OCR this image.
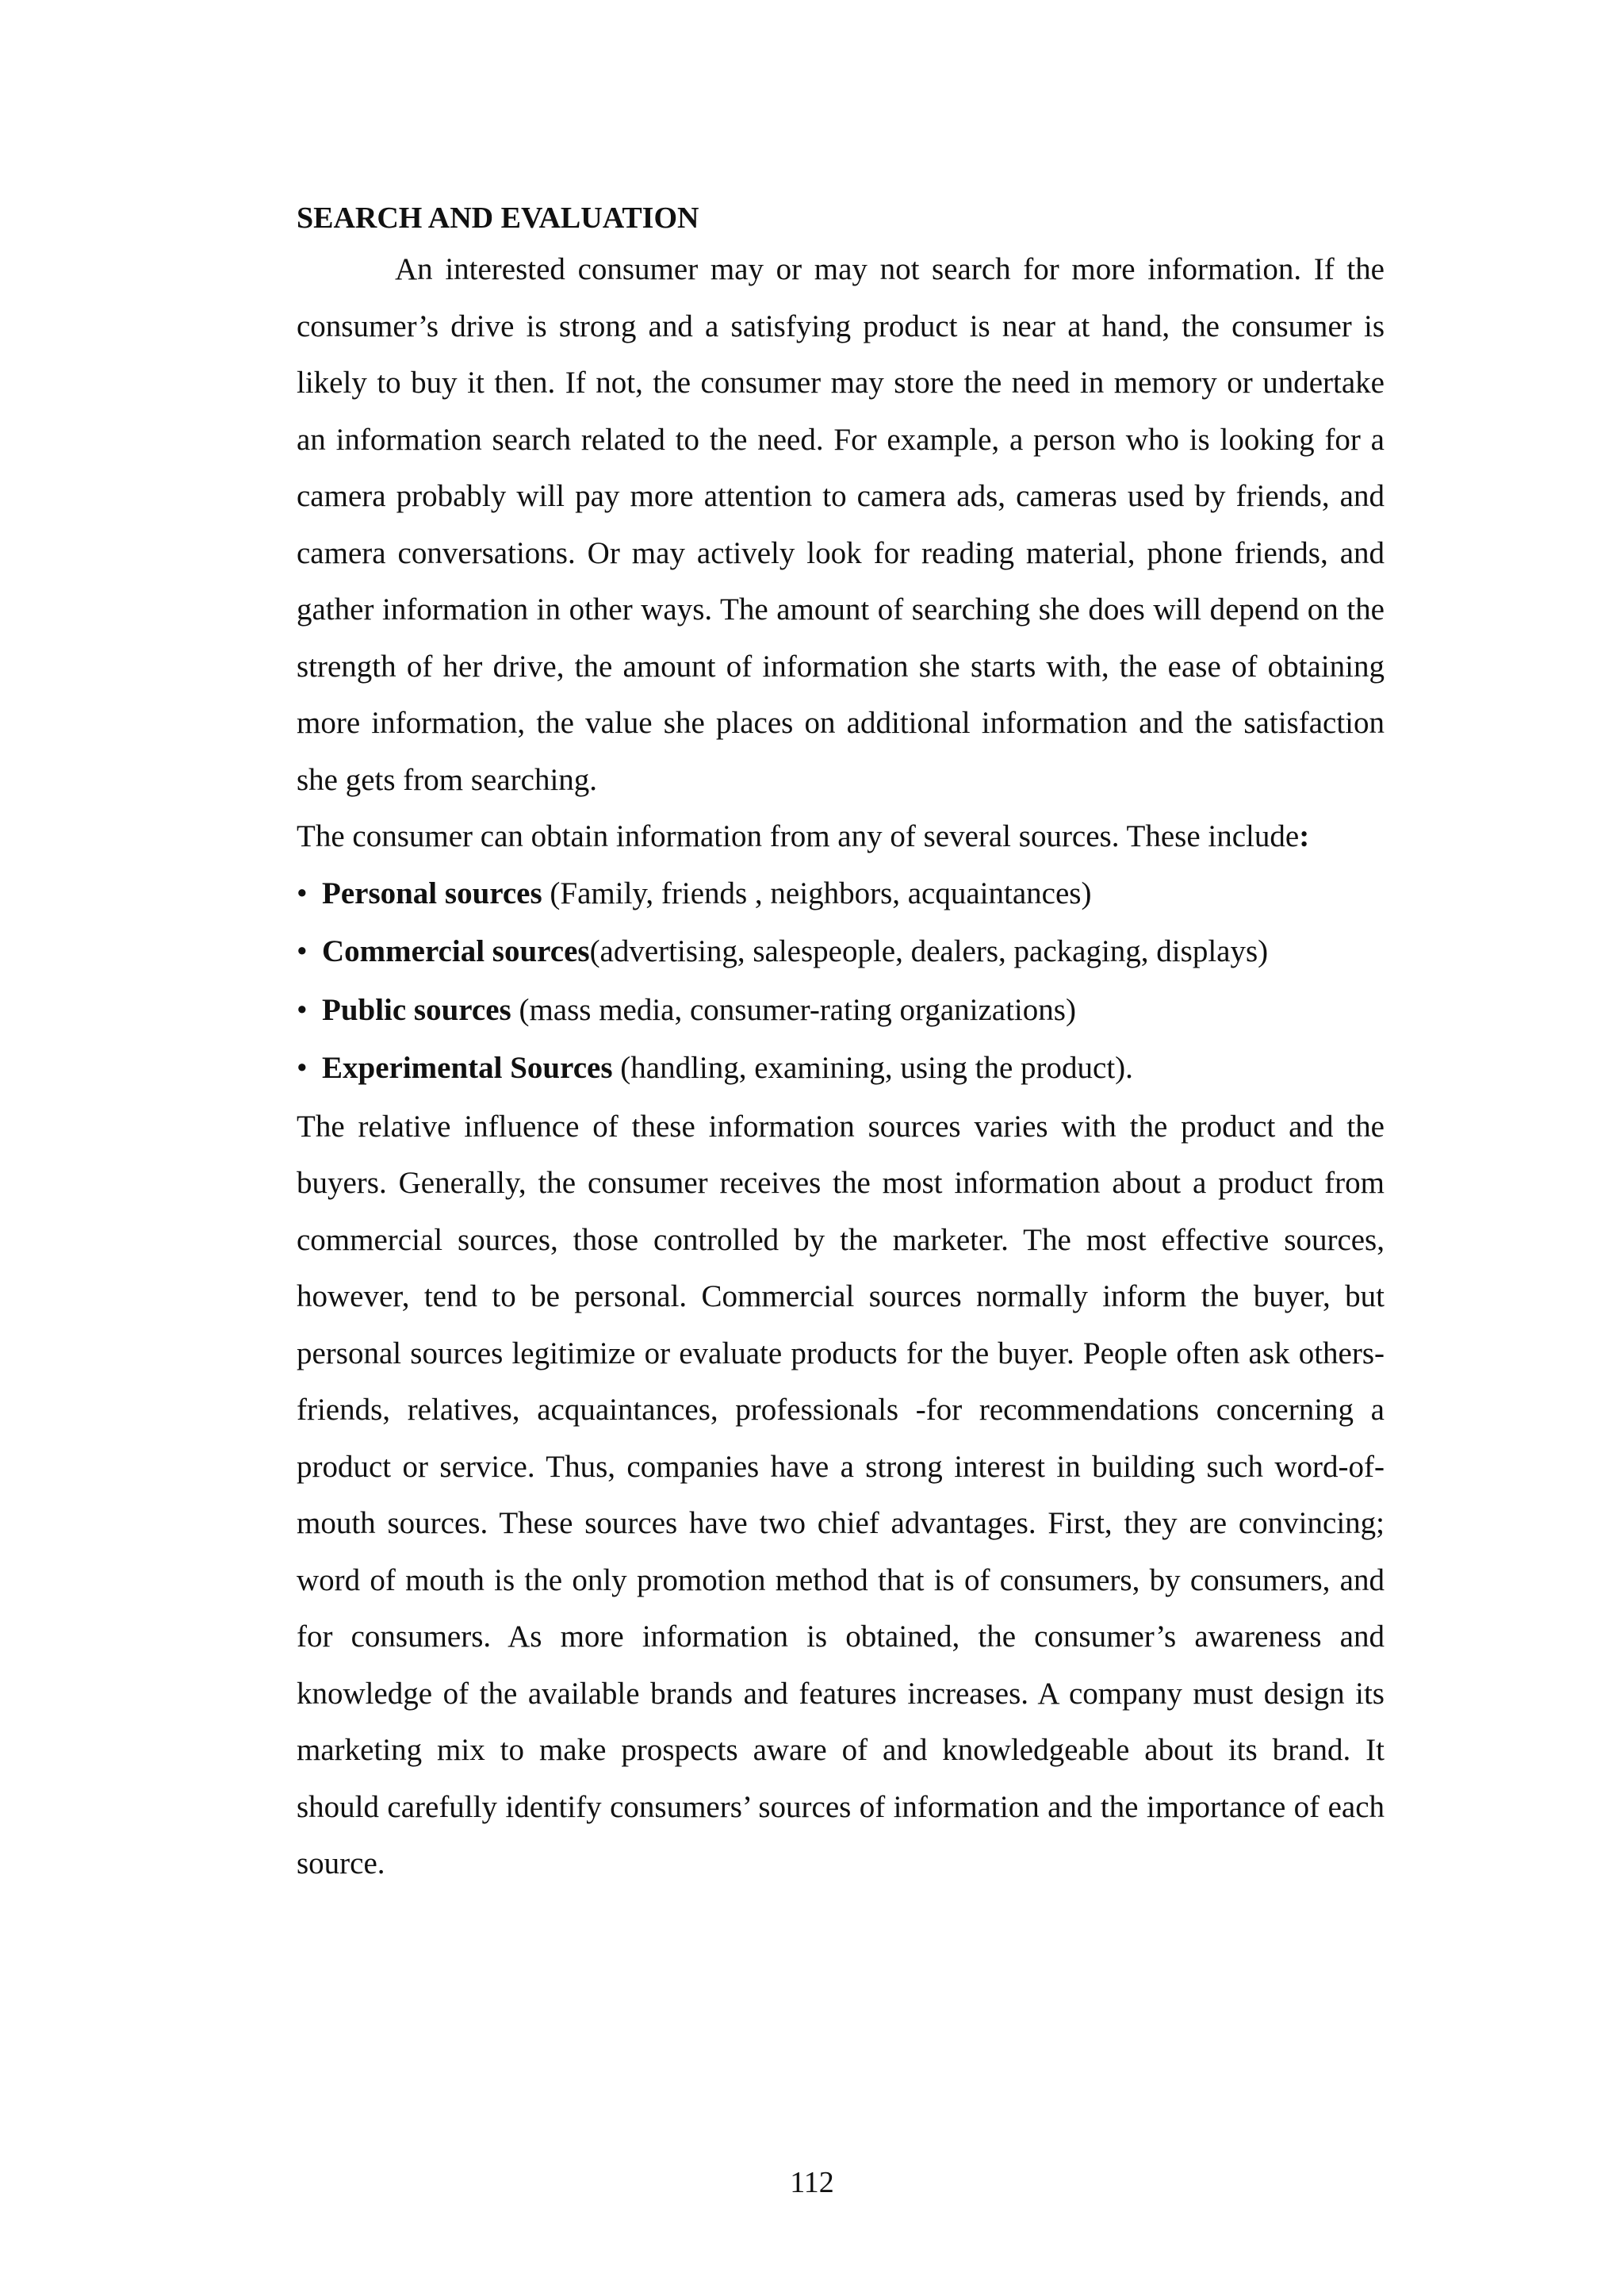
SEARCH AND EVALUATION

An interested consumer may or may not search for more information. If the consumer’s drive is strong and a satisfying product is near at hand, the consumer is likely to buy it then. If not, the consumer may store the need in memory or undertake an information search related to the need. For example, a person who is looking for a camera probably will pay more attention to camera ads, cameras used by friends, and camera conversations. Or may actively look for reading material, phone friends, and gather information in other ways. The amount of searching she does will depend on the strength of her drive, the amount of information she starts with, the ease of obtaining more information, the value she places on additional information and the satisfaction she gets from searching.

The consumer can obtain information from any of several sources. These include:

• Personal sources (Family, friends , neighbors, acquaintances)
• Commercial sources(advertising, salespeople, dealers, packaging, displays)
• Public sources (mass media, consumer-rating organizations)
• Experimental Sources (handling, examining, using the product).

The relative influence of these information sources varies with the product and the buyers. Generally, the consumer receives the most information about a product from commercial sources, those controlled by the marketer. The most effective sources, however, tend to be personal. Commercial sources normally inform the buyer, but personal sources legitimize or evaluate products for the buyer. People often ask others-friends, relatives, acquaintances, professionals -for recommendations concerning a product or service. Thus, companies have a strong interest in building such word-of-mouth sources. These sources have two chief advantages. First, they are convincing; word of mouth is the only promotion method that is of consumers, by consumers, and for consumers. As more information is obtained, the consumer’s awareness and knowledge of the available brands and features increases. A company must design its marketing mix to make prospects aware of and knowledgeable about its brand. It should carefully identify consumers’ sources of information and the importance of each source.

112
